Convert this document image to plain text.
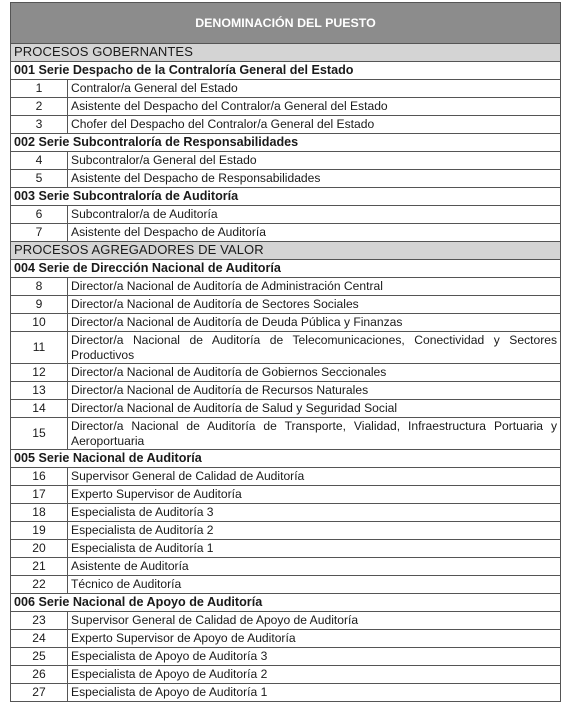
DENOMINACIÓN DEL PUESTO	
PROCESOS GOBERNANTES	
001 Serie Despacho de la Contraloría General del Estado	
1	Contralor/a General del Estado
2	Asistente del Despacho del Contralor/a General del Estado
3	Chofer del Despacho del Contralor/a General del Estado
002 Serie Subcontraloría de Responsabilidades	
4	Subcontralor/a General del Estado
5	Asistente del Despacho de Responsabilidades
003 Serie Subcontraloría de Auditoría	
6	Subcontralor/a de Auditoría
7	Asistente del Despacho de Auditoría
PROCESOS AGREGADORES DE VALOR	
004 Serie de Dirección Nacional de Auditoría	
8	Director/a Nacional de Auditoría de Administración Central
9	Director/a Nacional de Auditoría de Sectores Sociales
10	Director/a Nacional de Auditoría de Deuda Pública y Finanzas
11	Director/a Nacional de Auditoría de Telecomunicaciones, Conectividad y Sectores Productivos
12	Director/a Nacional de Auditoría de Gobiernos Seccionales
13	Director/a Nacional de Auditoría de Recursos Naturales
14	Director/a Nacional de Auditoría de Salud y Seguridad Social
15	Director/a Nacional de Auditoría de Transporte, Vialidad, Infraestructura Portuaria y Aeroportuaria
005 Serie Nacional de Auditoría	
16	Supervisor General de Calidad de Auditoría
17	Experto Supervisor de Auditoría
18	Especialista de Auditoría 3
19	Especialista de Auditoría 2
20	Especialista de Auditoría 1
21	Asistente de Auditoría
22	Técnico de Auditoría
006 Serie Nacional de Apoyo de Auditoría	
23	Supervisor General de Calidad de Apoyo de Auditoría
24	Experto Supervisor de Apoyo de Auditoría
25	Especialista de Apoyo de Auditoría 3
26	Especialista de Apoyo de Auditoría 2
27	Especialista de Apoyo de Auditoría 1
